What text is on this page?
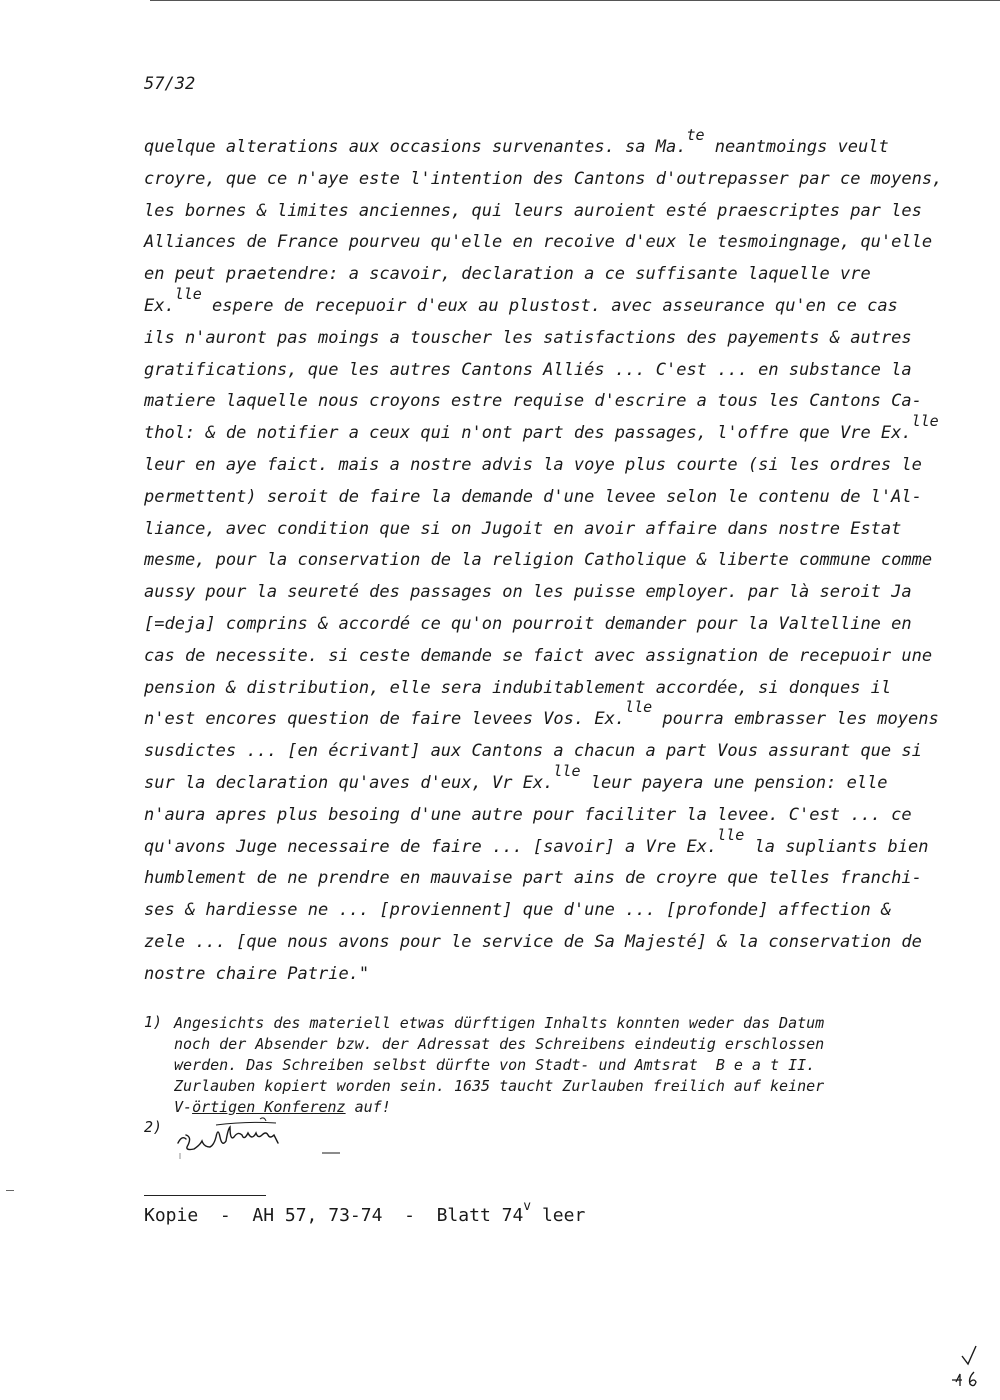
57/32
quelque alterations aux occasions survenantes. sa Ma.$^{te}$ neantmoings veult
croyre, que ce n'aye este l'intention des Cantons d'outrepasser par ce moyens,
les bornes & limites anciennes, qui leurs auroient esté praescriptes par les
Alliances de France pourveu qu'elle en recoive d'eux le tesmoingnage, qu'elle
en peut praetendre: a scavoir, declaration a ce suffisante laquelle vre
Ex.$^{lle}$ espere de recepuoir d'eux au plustost. avec asseurance qu'en ce cas
ils n'auront pas moings a touscher les satisfactions des payements & autres
gratifications, que les autres Cantons Alliés ... C'est ... en substance la
matiere laquelle nous croyons estre requise d'escrire a tous les Cantons Ca-
thol: & de notifier a ceux qui n'ont part des passages, l'offre que Vre Ex.$^{lle}$
leur en aye faict. mais a nostre advis la voye plus courte (si les ordres le
permettent) seroit de faire la demande d'une levee selon le contenu de l'Al-
liance, avec condition que si on Jugoit en avoir affaire dans nostre Estat
mesme, pour la conservation de la religion Catholique & liberte commune comme
aussy pour la seureté des passages on les puisse employer. par là seroit Ja
[=deja] comprins & accordé ce qu'on pourroit demander pour la Valtelline en
cas de necessite. si ceste demande se faict avec assignation de recepuoir une
pension & distribution, elle sera indubitablement accordée, si donques il
n'est encores question de faire levees Vos. Ex.$^{lle}$ pourra embrasser les moyens
susdictes ... [en écrivant] aux Cantons a chacun a part Vous assurant que si
sur la declaration qu'aves d'eux, Vr Ex.$^{lle}$ leur payera une pension: elle
n'aura apres plus besoing d'une autre pour faciliter la levee. C'est ... ce
qu'avons Juge necessaire de faire ... [savoir] a Vre Ex.$^{lle}$ la supliants bien
humblement de ne prendre en mauvaise part ains de croyre que telles franchi-
ses & hardiesse ne ... [proviennent] que d'une ... [profonde] affection &
zele ... [que nous avons pour le service de Sa Majesté] & la conservation de
nostre chaire Patrie."
1) Angesichts des materiell etwas dürftigen Inhalts konnten weder das Datum
noch der Absender bzw. der Adressat des Schreibens eindeutig erschlossen
werden. Das Schreiben selbst dürfte von Stadt- und Amtsrat  B e a t II.
Zurlauben kopiert worden sein. 1635 taucht Zurlauben freilich auf keiner
V-örtigen Konferenz auf!
2)
Kopie  -  AH 57, 73-74  -  Blatt 74$^v$ leer
